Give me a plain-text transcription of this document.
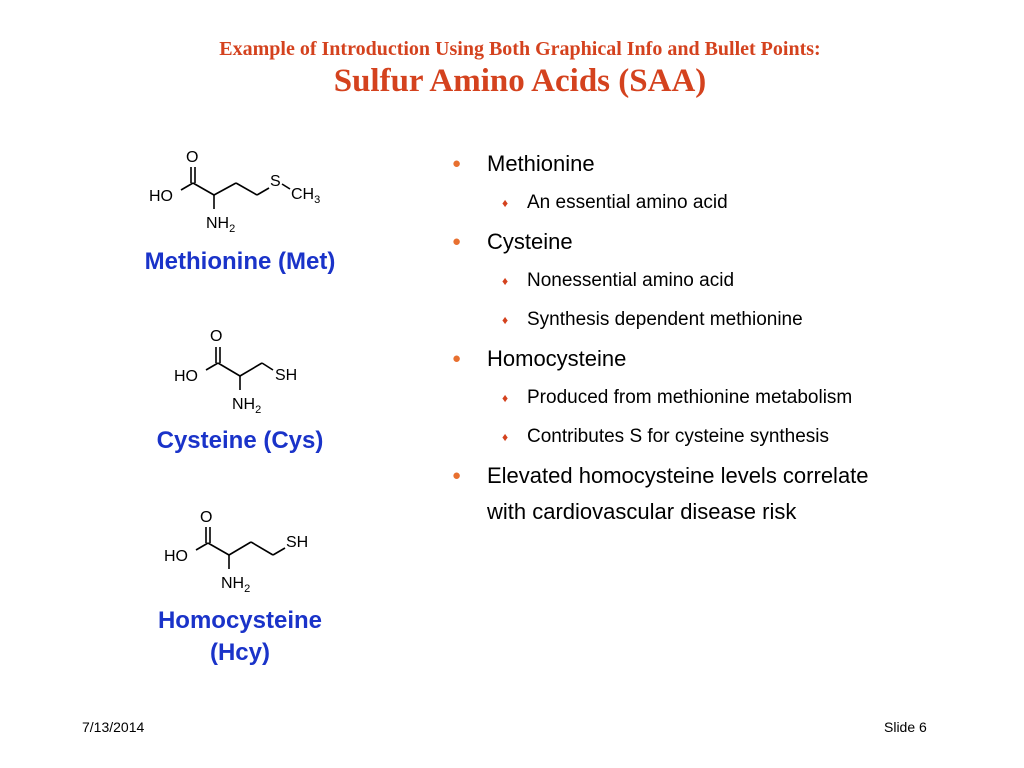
Example of Introduction Using Both Graphical Info and Bullet Points:
Sulfur Amino Acids (SAA)
O
HO
S
$CH_3$
$NH_2$
Methionine (Met)
O
HO	SH
$NH_2$
Cysteine (Cys)
O
HO
SH
$NH_2$
Homocysteine
(Hcy)
● Methionine
♦ An essential amino acid
● Cysteine
♦ Nonessential amino acid
♦ Synthesis dependent methionine
● Homocysteine
♦ Produced from methionine metabolism
♦ Contributes S for cysteine synthesis
● Elevated homocysteine levels correlate
with cardiovascular disease risk
7/13/2014	Slide 6
